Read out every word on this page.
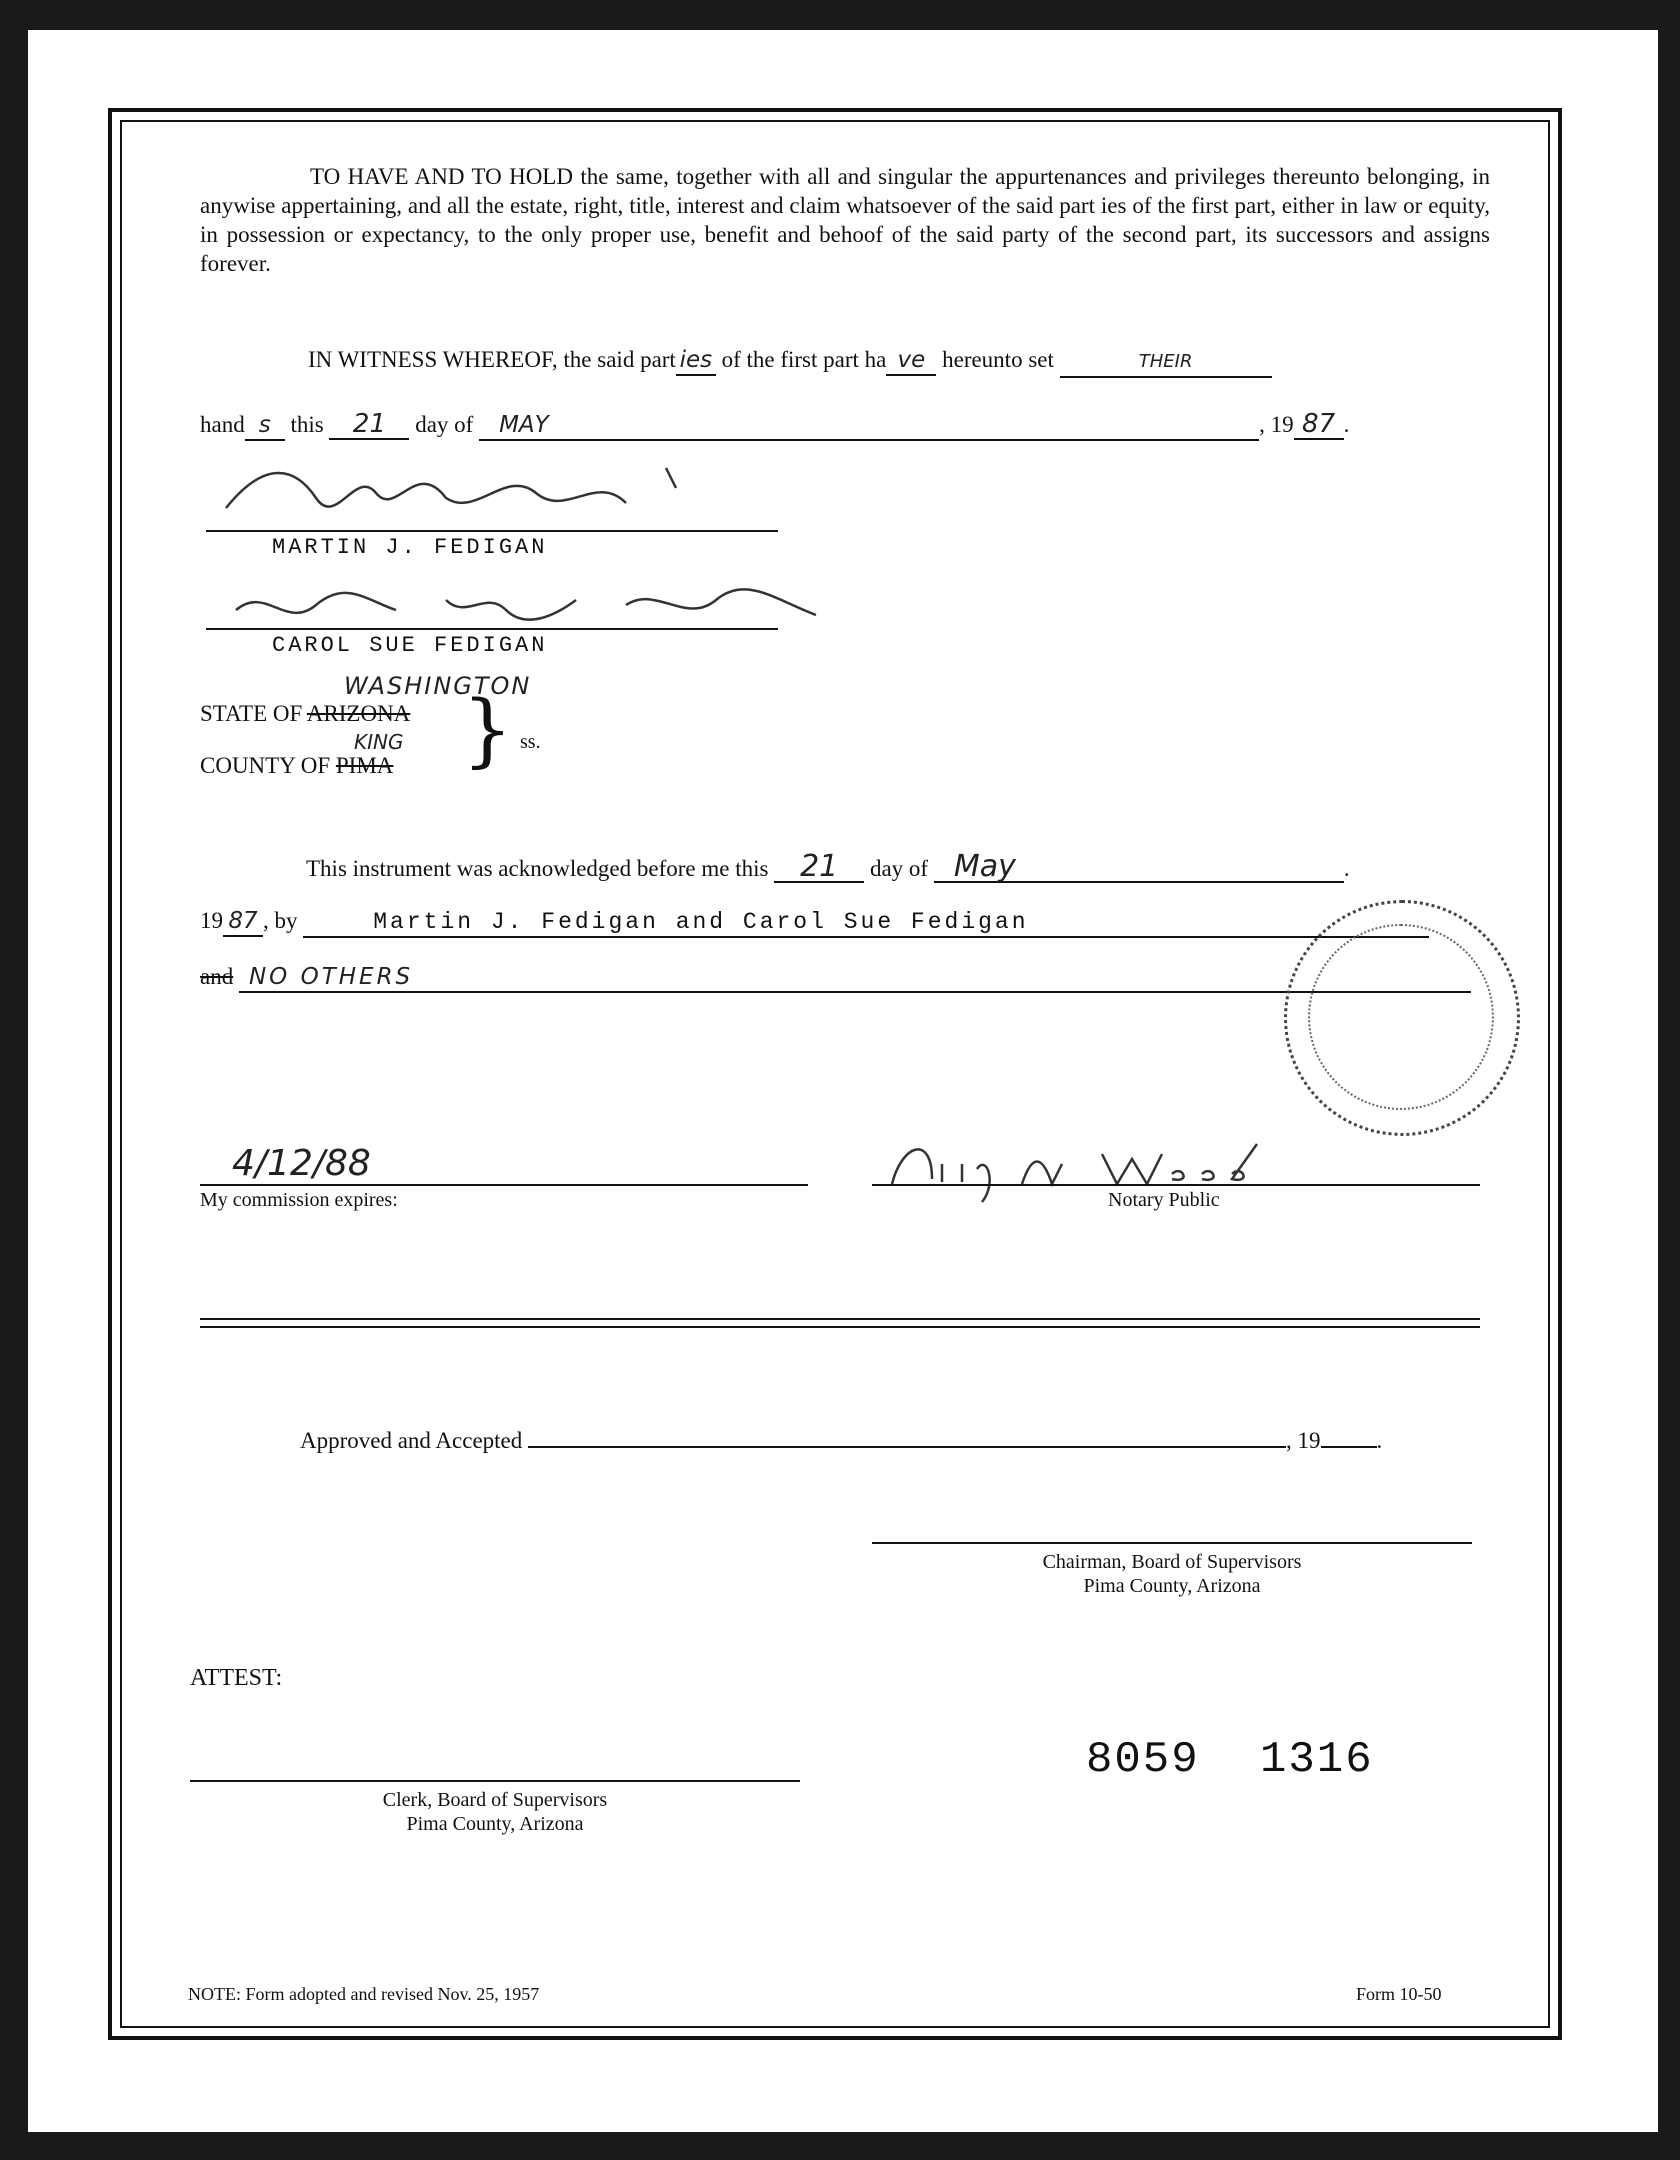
TO HAVE AND TO HOLD the same, together with all and singular the appurtenances and privileges thereunto belonging, in anywise appertaining, and all the estate, right, title, interest and claim whatsoever of the said part ies of the first part, either in law or equity, in possession or expectancy, to the only proper use, benefit and behoof of the said party of the second part, its successors and assigns forever.
IN WITNESS WHEREOF, the said part ies of the first part ha ve hereunto set	THEIR
hand s this 21 day of MAY	, 19 87 .
MARTIN J. FEDIGAN
CAROL SUE FEDIGAN
WASHINGTON
STATE OF ARIZONA
KING
COUNTY OF PIMA } ss.
This instrument was acknowledged before me this 21 day of May	.
19 87 , by	Martin J. Fedigan and Carol Sue Fedigan
and NO OTHERS
4/12/88
My commission expires:	Notary Public
Approved and Accepted	, 19 .
Chairman, Board of Supervisors
Pima County, Arizona
ATTEST:
Clerk, Board of Supervisors
Pima County, Arizona
8059 1316
NOTE: Form adopted and revised Nov. 25, 1957	Form 10-50
